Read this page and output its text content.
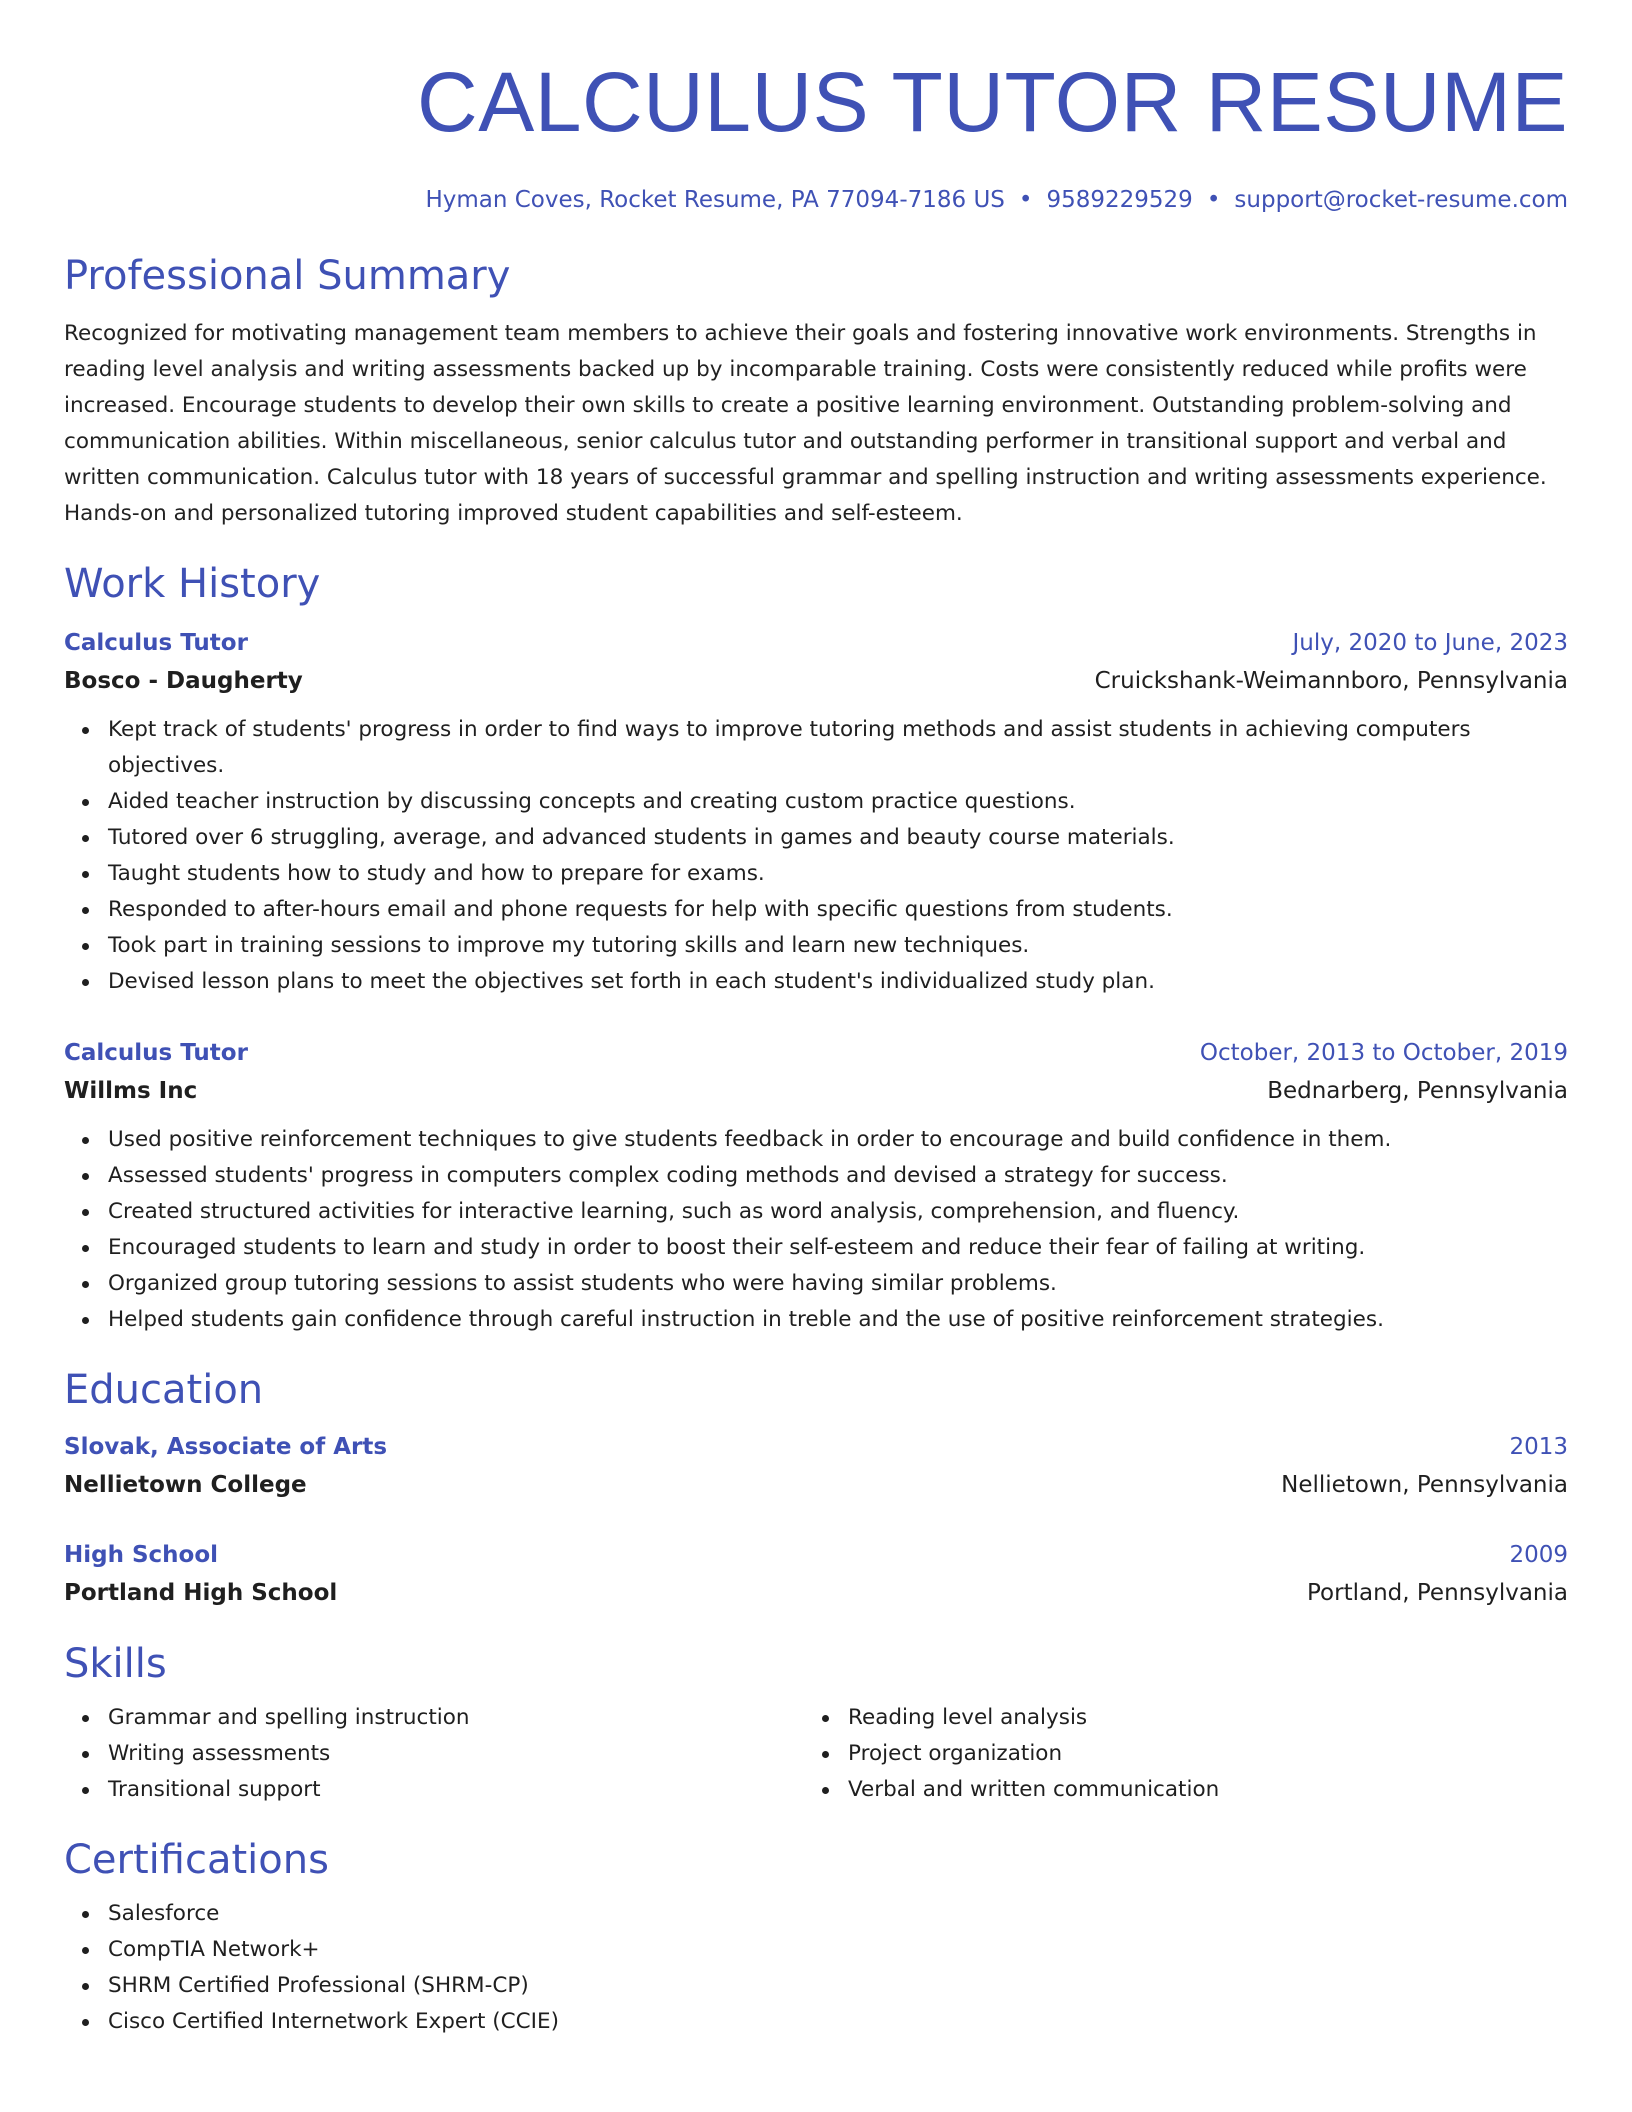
CALCULUS TUTOR RESUME
Hyman Coves, Rocket Resume, PA 77094-7186 US • 9589229529 • support@rocket-resume.com
Professional Summary
Recognized for motivating management team members to achieve their goals and fostering innovative work environments. Strengths in reading level analysis and writing assessments backed up by incomparable training. Costs were consistently reduced while profits were increased. Encourage students to develop their own skills to create a positive learning environment. Outstanding problem-solving and communication abilities. Within miscellaneous, senior calculus tutor and outstanding performer in transitional support and verbal and written communication. Calculus tutor with 18 years of successful grammar and spelling instruction and writing assessments experience. Hands-on and personalized tutoring improved student capabilities and self-esteem.
Work History
Calculus Tutor	July, 2020 to June, 2023
Bosco - Daugherty	Cruickshank-Weimannboro, Pennsylvania
Kept track of students' progress in order to find ways to improve tutoring methods and assist students in achieving computers objectives.
Aided teacher instruction by discussing concepts and creating custom practice questions.
Tutored over 6 struggling, average, and advanced students in games and beauty course materials.
Taught students how to study and how to prepare for exams.
Responded to after-hours email and phone requests for help with specific questions from students.
Took part in training sessions to improve my tutoring skills and learn new techniques.
Devised lesson plans to meet the objectives set forth in each student's individualized study plan.
Calculus Tutor	October, 2013 to October, 2019
Willms Inc	Bednarberg, Pennsylvania
Used positive reinforcement techniques to give students feedback in order to encourage and build confidence in them.
Assessed students' progress in computers complex coding methods and devised a strategy for success.
Created structured activities for interactive learning, such as word analysis, comprehension, and fluency.
Encouraged students to learn and study in order to boost their self-esteem and reduce their fear of failing at writing.
Organized group tutoring sessions to assist students who were having similar problems.
Helped students gain confidence through careful instruction in treble and the use of positive reinforcement strategies.
Education
Slovak, Associate of Arts	2013
Nellietown College	Nellietown, Pennsylvania
High School	2009
Portland High School	Portland, Pennsylvania
Skills
Grammar and spelling instruction
Writing assessments
Transitional support
Reading level analysis
Project organization
Verbal and written communication
Certifications
Salesforce
CompTIA Network+
SHRM Certified Professional (SHRM-CP)
Cisco Certified Internetwork Expert (CCIE)
